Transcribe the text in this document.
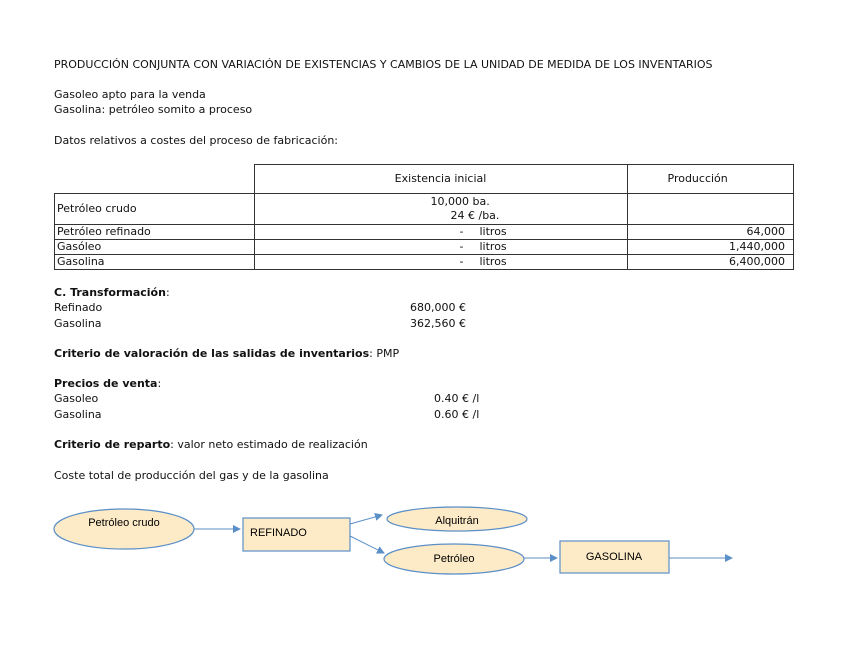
PRODUCCIÓN CONJUNTA CON VARIACIÓN DE EXISTENCIAS Y CAMBIOS DE LA UNIDAD DE MEDIDA DE LOS INVENTARIOS
Gasoleo apto para la venda
Gasolina: petróleo somito a proceso
Datos relativos a costes del proceso de fabricación:
	Existencia inicial	Producción
Petróleo crudo	10,000 ba.
24 € /ba.	

Petróleo refinado	- litros	64,000
Gasóleo	- litros	1,440,000
Gasolina	- litros	6,400,000
C. Transformación:
Refinado	680,000 €
Gasolina	362,560 €
Criterio de valoración de las salidas de inventarios: PMP
Precios de venta:
Gasoleo	0.40 € /l
Gasolina	0.60 € /l
Criterio de reparto: valor neto estimado de realización
Coste total de producción del gas y de la gasolina
Petróleo crudo
REFINADO
Alquitrán
Petróleo	GASOLINA
